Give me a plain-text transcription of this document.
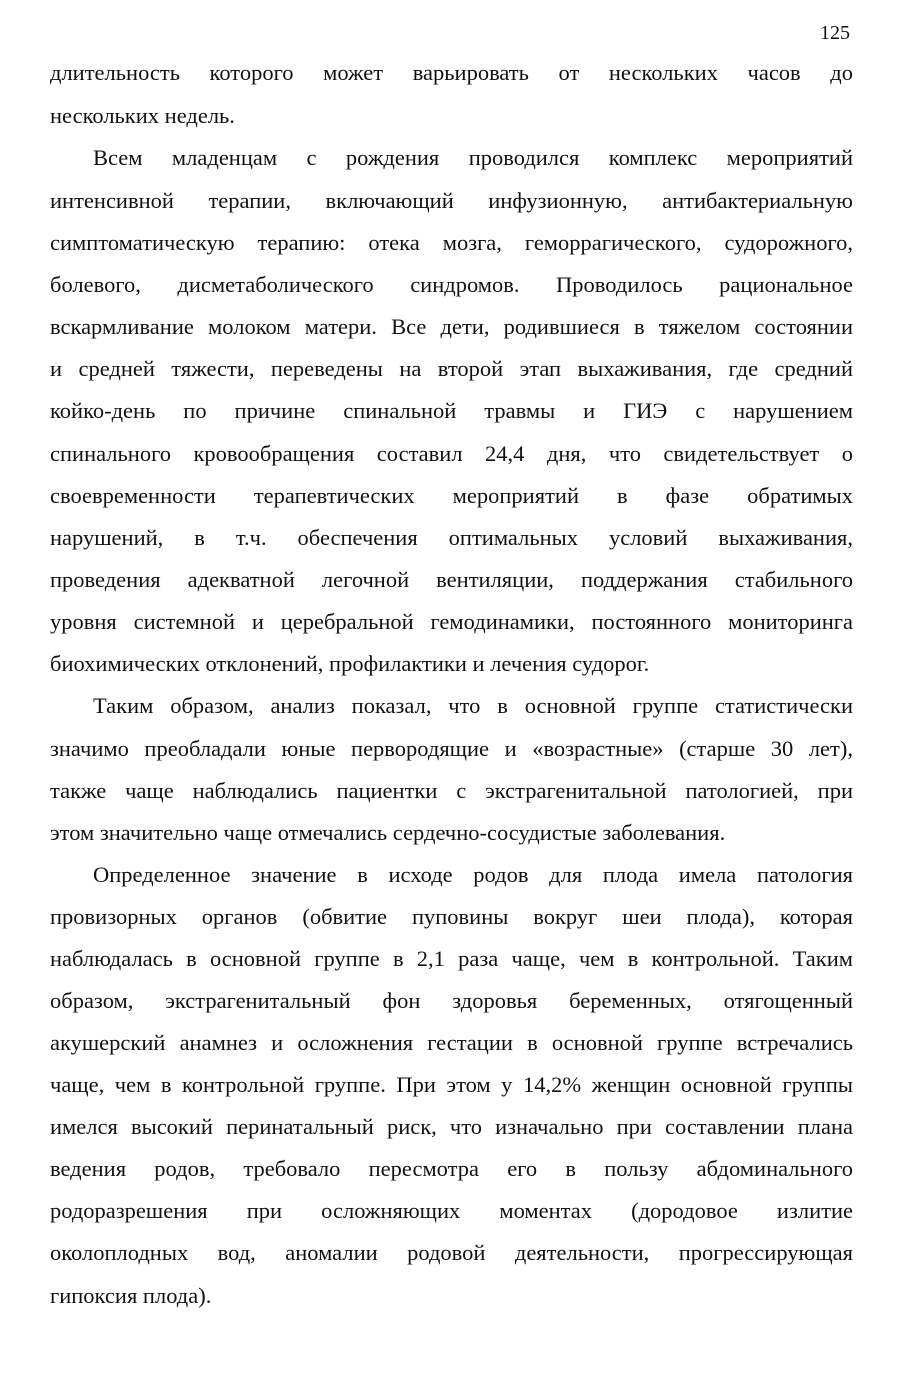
125
длительность которого может варьировать от нескольких часов до
нескольких недель.
Всем младенцам с рождения проводился комплекс мероприятий
интенсивной терапии, включающий инфузионную, антибактериальную
симптоматическую терапию: отека мозга, геморрагического, судорожного,
болевого, дисметаболического синдромов. Проводилось рациональное
вскармливание молоком матери. Все дети, родившиеся в тяжелом состоянии
и средней тяжести, переведены на второй этап выхаживания, где средний
койко-день по причине спинальной травмы и ГИЭ с нарушением
спинального кровообращения составил 24,4 дня, что свидетельствует о
своевременности терапевтических мероприятий в фазе обратимых
нарушений, в т.ч. обеспечения оптимальных условий выхаживания,
проведения адекватной легочной вентиляции, поддержания стабильного
уровня системной и церебральной гемодинамики, постоянного мониторинга
биохимических отклонений, профилактики и лечения судорог.
Таким образом, анализ показал, что в основной группе статистически
значимо преобладали юные первородящие и «возрастные» (старше 30 лет),
также чаще наблюдались пациентки с экстрагенитальной патологией, при
этом значительно чаще отмечались сердечно-сосудистые заболевания.
Определенное значение в исходе родов для плода имела патология
провизорных органов (обвитие пуповины вокруг шеи плода), которая
наблюдалась в основной группе в 2,1 раза чаще, чем в контрольной. Таким
образом, экстрагенитальный фон здоровья беременных, отягощенный
акушерский анамнез и осложнения гестации в основной группе встречались
чаще, чем в контрольной группе. При этом у 14,2% женщин основной группы
имелся высокий перинатальный риск, что изначально при составлении плана
ведения родов, требовало пересмотра его в пользу абдоминального
родоразрешения при осложняющих моментах (дородовое излитие
околоплодных вод, аномалии родовой деятельности, прогрессирующая
гипоксия плода).
